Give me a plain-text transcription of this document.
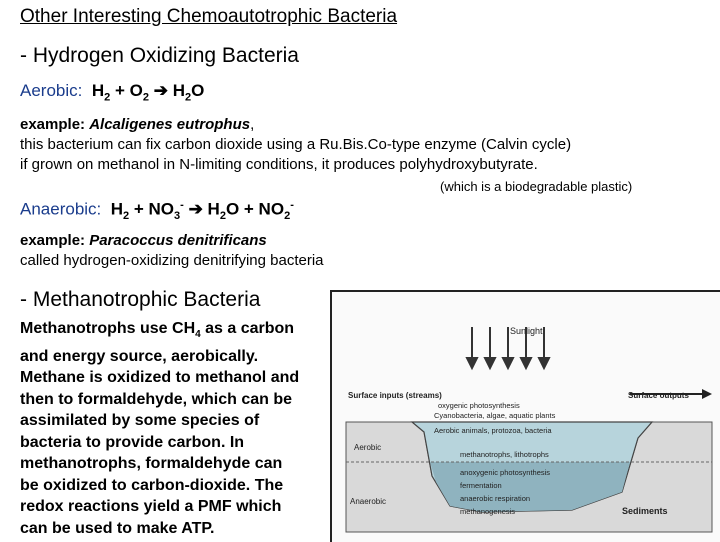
Other Interesting Chemoautotrophic Bacteria
- Hydrogen Oxidizing Bacteria
Aerobic: $H_2 + O_2$ ➔ $H_2O$
example: Alcaligenes eutrophus,
this bacterium can fix carbon dioxide using a Ru.Bis.Co-type enzyme (Calvin cycle)
if grown on methanol in N-limiting conditions, it produces polyhydroxybutyrate.
(which is a biodegradable plastic)
Anaerobic: $H_2 + NO_3^-$ ➔ $H_2O + NO_2^-$
example: Paracoccus denitrificans
called hydrogen-oxidizing denitrifying bacteria
- Methanotrophic Bacteria
Methanotrophs use $CH_4$ as a carbon
and energy source, aerobically.
Methane is oxidized to methanol and
then to formaldehyde, which can be
assimilated by some species of
bacteria to provide carbon. In
methanotrophs, formaldehyde can
be oxidized to carbon-dioxide. The
redox reactions yield a PMF which
can be used to make ATP.
Sunlight
Surface inputs (streams)	Surface outputs
Aerobic
Anaerobic
Sediments
oxygenic photosynthesis
Cyanobacteria, algae, aquatic plants
Aerobic animals, protozoa, bacteria
methanotrophs, lithotrophs
anoxygenic photosynthesis
fermentation
anaerobic respiration
methanogenesis
